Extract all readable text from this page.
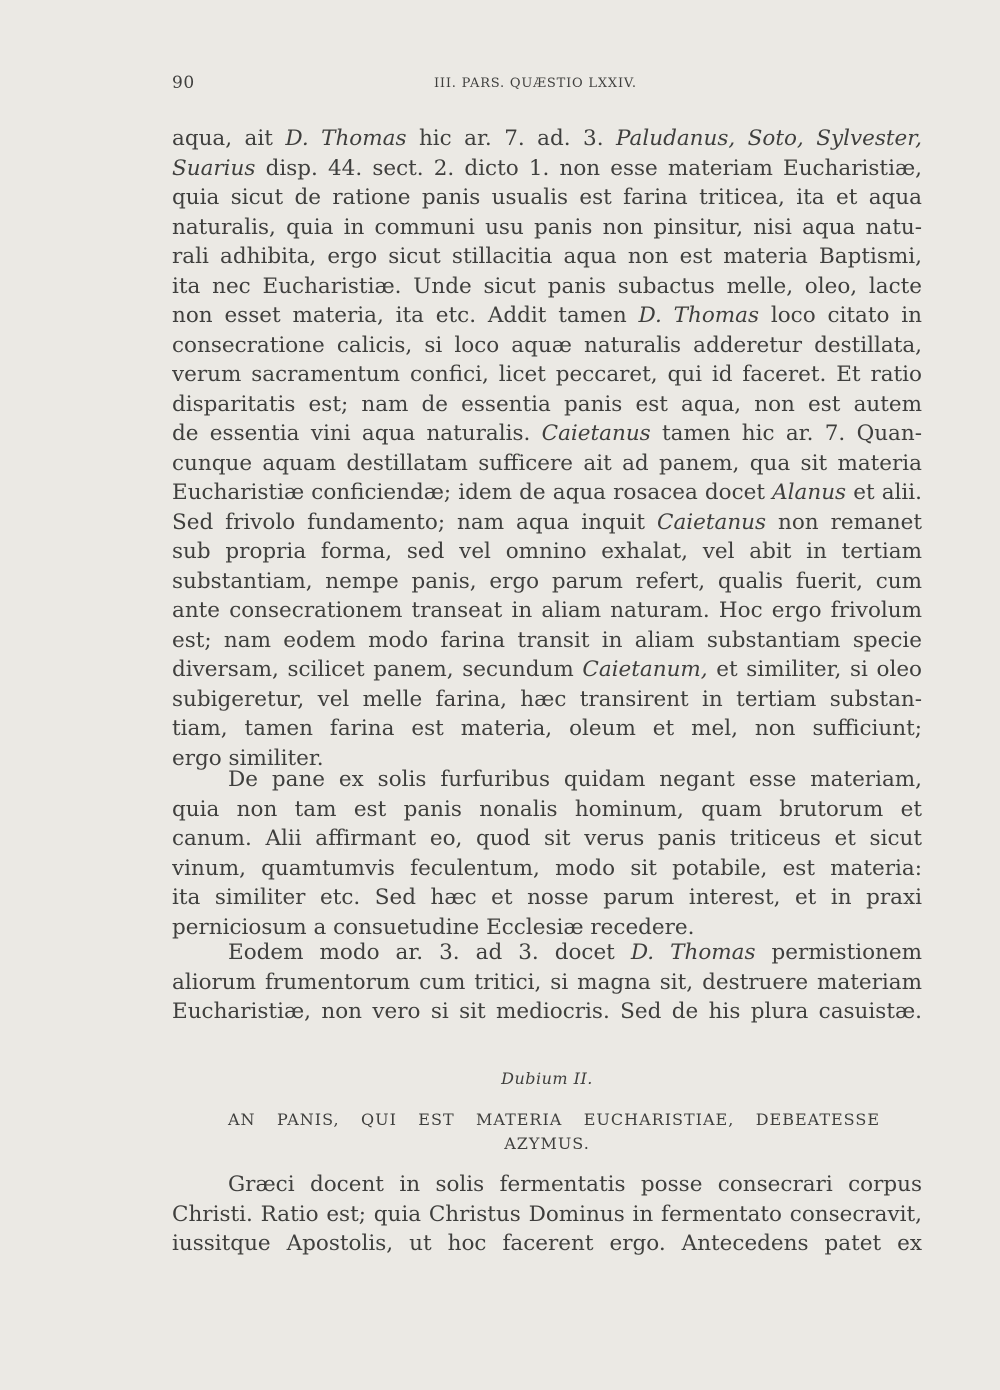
90	III. PARS. QUÆSTIO LXXIV.
aqua, ait D. Thomas hic ar. 7. ad. 3. Paludanus, Soto, Sylvester,
Suarius disp. 44. sect. 2. dicto 1. non esse materiam Eucharistiæ,
quia sicut de ratione panis usualis est farina triticea, ita et aqua
naturalis, quia in communi usu panis non pinsitur, nisi aqua natu-
rali adhibita, ergo sicut stillacitia aqua non est materia Baptismi,
ita nec Eucharistiæ. Unde sicut panis subactus melle, oleo, lacte
non esset materia, ita etc. Addit tamen D. Thomas loco citato in
consecratione calicis, si loco aquæ naturalis adderetur destillata,
verum sacramentum confici, licet peccaret, qui id faceret. Et ratio
disparitatis est; nam de essentia panis est aqua, non est autem
de essentia vini aqua naturalis. Caietanus tamen hic ar. 7. Quan-
cunque aquam destillatam sufficere ait ad panem, qua sit materia
Eucharistiæ conficiendæ; idem de aqua rosacea docet Alanus et alii.
Sed frivolo fundamento; nam aqua inquit Caietanus non remanet
sub propria forma, sed vel omnino exhalat, vel abit in tertiam
substantiam, nempe panis, ergo parum refert, qualis fuerit, cum
ante consecrationem transeat in aliam naturam. Hoc ergo frivolum
est; nam eodem modo farina transit in aliam substantiam specie
diversam, scilicet panem, secundum Caietanum, et similiter, si oleo
subigeretur, vel melle farina, hæc transirent in tertiam substan-
tiam, tamen farina est materia, oleum et mel, non sufficiunt;
ergo similiter.
De pane ex solis furfuribus quidam negant esse materiam,
quia non tam est panis nonalis hominum, quam brutorum et
canum. Alii affirmant eo, quod sit verus panis triticeus et sicut
vinum, quamtumvis feculentum, modo sit potabile, est materia:
ita similiter etc. Sed hæc et nosse parum interest, et in praxi
perniciosum a consuetudine Ecclesiæ recedere.
Eodem modo ar. 3. ad 3. docet D. Thomas permistionem
aliorum frumentorum cum tritici, si magna sit, destruere materiam
Eucharistiæ, non vero si sit mediocris. Sed de his plura casuistæ.
Dubium II.
AN PANIS, QUI EST MATERIA EUCHARISTIAE, DEBEATESSE
AZYMUS.
Græci docent in solis fermentatis posse consecrari corpus
Christi. Ratio est; quia Christus Dominus in fermentato consecravit,
iussitque Apostolis, ut hoc facerent ergo. Antecedens patet ex
